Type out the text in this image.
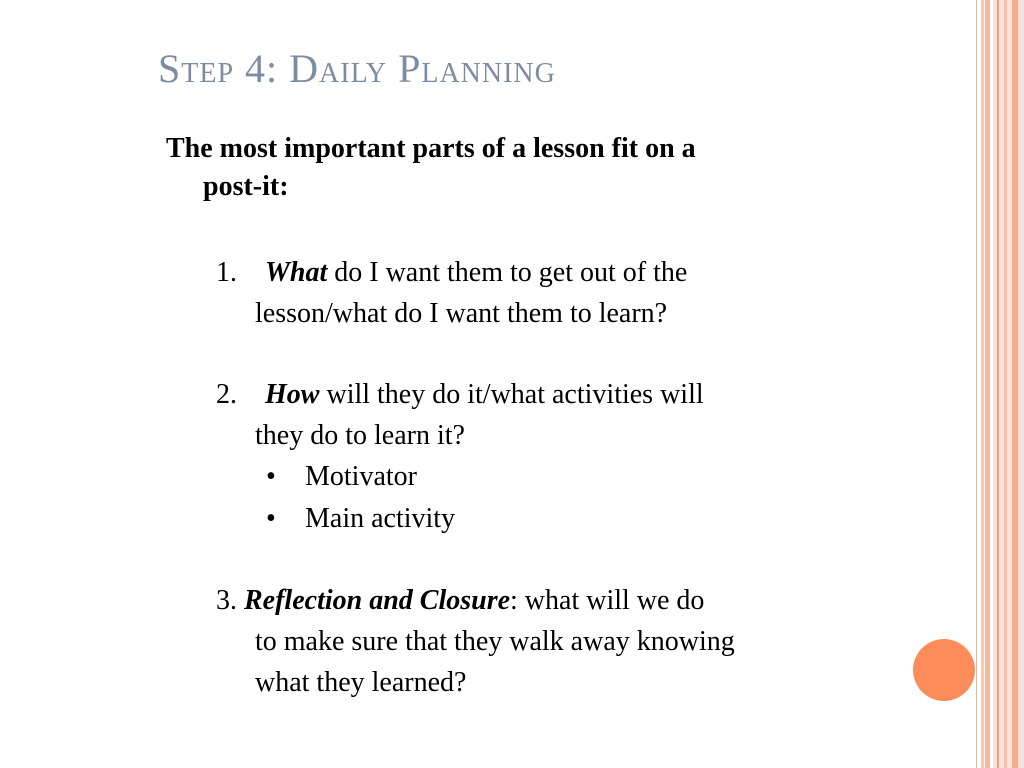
Step 4: Daily Planning
The most important parts of a lesson fit on a
post-it:
1. What do I want them to get out of the
lesson/what do I want them to learn?
2. How will they do it/what activities will
they do to learn it?
• Motivator
• Main activity
3. Reflection and Closure: what will we do
to make sure that they walk away knowing
what they learned?
